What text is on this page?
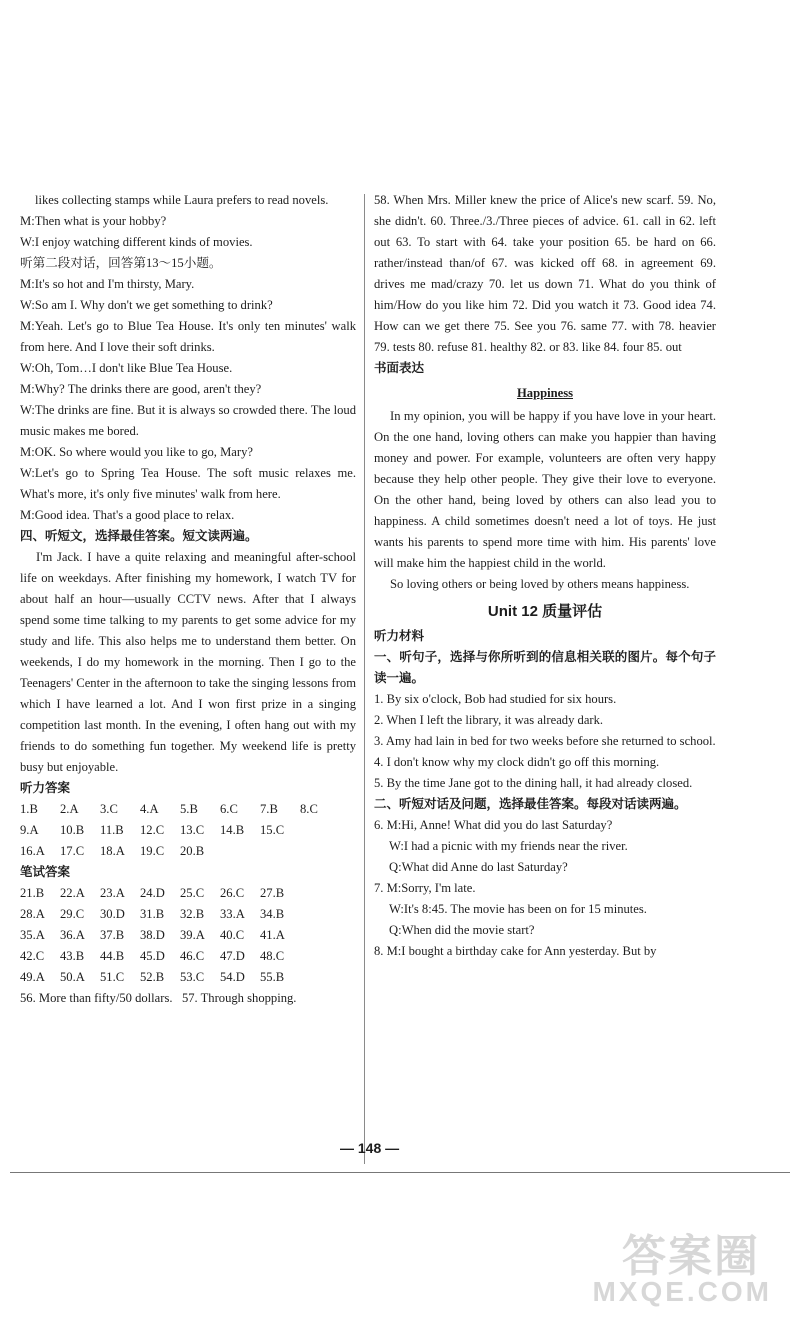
likes collecting stamps while Laura prefers to read novels.

M:Then what is your hobby?

W:I enjoy watching different kinds of movies.

听第二段对话，回答第13～15小题。

M:It's so hot and I'm thirsty, Mary.

W:So am I. Why don't we get something to drink?

M:Yeah. Let's go to Blue Tea House. It's only ten minutes' walk from here. And I love their soft drinks.

W:Oh, Tom…I don't like Blue Tea House.

M:Why? The drinks there are good, aren't they?

W:The drinks are fine. But it is always so crowded there. The loud music makes me bored.

M:OK. So where would you like to go, Mary?

W:Let's go to Spring Tea House. The soft music relaxes me. What's more, it's only five minutes' walk from here.

M:Good idea. That's a good place to relax.

四、听短文，选择最佳答案。短文读两遍。

I'm Jack. I have a quite relaxing and meaningful after-school life on weekdays. After finishing my homework, I watch TV for about half an hour—usually CCTV news. After that I always spend some time talking to my parents to get some advice for my study and life. This also helps me to understand them better. On weekends, I do my homework in the morning. Then I go to the Teenagers' Center in the afternoon to take the singing lessons from which I have learned a lot. And I won first prize in a singing competition last month. In the evening, I often hang out with my friends to do something fun together. My weekend life is pretty busy but enjoyable.

听力答案

1.B	2.A	3.C	4.A	5.B	6.C	7.B	8.C
9.A	10.B	11.B	12.C	13.C	14.B	15.C
16.A	17.C	18.A	19.C	20.B

笔试答案

21.B	22.A	23.A	24.D	25.C	26.C	27.B
28.A	29.C	30.D	31.B	32.B	33.A	34.B
35.A	36.A	37.B	38.D	39.A	40.C	41.A
42.C	43.B	44.B	45.D	46.C	47.D	48.C
49.A	50.A	51.C	52.B	53.C	54.D	55.B

56. More than fifty/50 dollars.   57. Through shopping.

58. When Mrs. Miller knew the price of Alice's new scarf. 59. No, she didn't. 60. Three./3./Three pieces of advice. 61. call in 62. left out 63. To start with 64. take your position 65. be hard on 66. rather/instead than/of 67. was kicked off 68. in agreement 69. drives me mad/crazy 70. let us down 71. What do you think of him/How do you like him 72. Did you watch it 73. Good idea 74. How can we get there 75. See you 76. same 77. with 78. heavier 79. tests 80. refuse 81. healthy 82. or 83. like 84. four 85. out

书面表达

Happiness

In my opinion, you will be happy if you have love in your heart. On the one hand, loving others can make you happier than having money and power. For example, volunteers are often very happy because they help other people. They give their love to everyone. On the other hand, being loved by others can also lead you to happiness. A child sometimes doesn't need a lot of toys. He just wants his parents to spend more time with him. His parents' love will make him the happiest child in the world.

So loving others or being loved by others means happiness.

Unit 12 质量评估

听力材料

一、听句子，选择与你所听到的信息相关联的图片。每个句子读一遍。

1. By six o'clock, Bob had studied for six hours.

2. When I left the library, it was already dark.

3. Amy had lain in bed for two weeks before she returned to school.

4. I don't know why my clock didn't go off this morning.

5. By the time Jane got to the dining hall, it had already closed.

二、听短对话及问题，选择最佳答案。每段对话读两遍。

6. M:Hi, Anne! What did you do last Saturday?

W:I had a picnic with my friends near the river.

Q:What did Anne do last Saturday?

7. M:Sorry, I'm late.

W:It's 8:45. The movie has been on for 15 minutes.

Q:When did the movie start?

8. M:I bought a birthday cake for Ann yesterday. But by

— 148 —
答案圈
MXQE.COM
